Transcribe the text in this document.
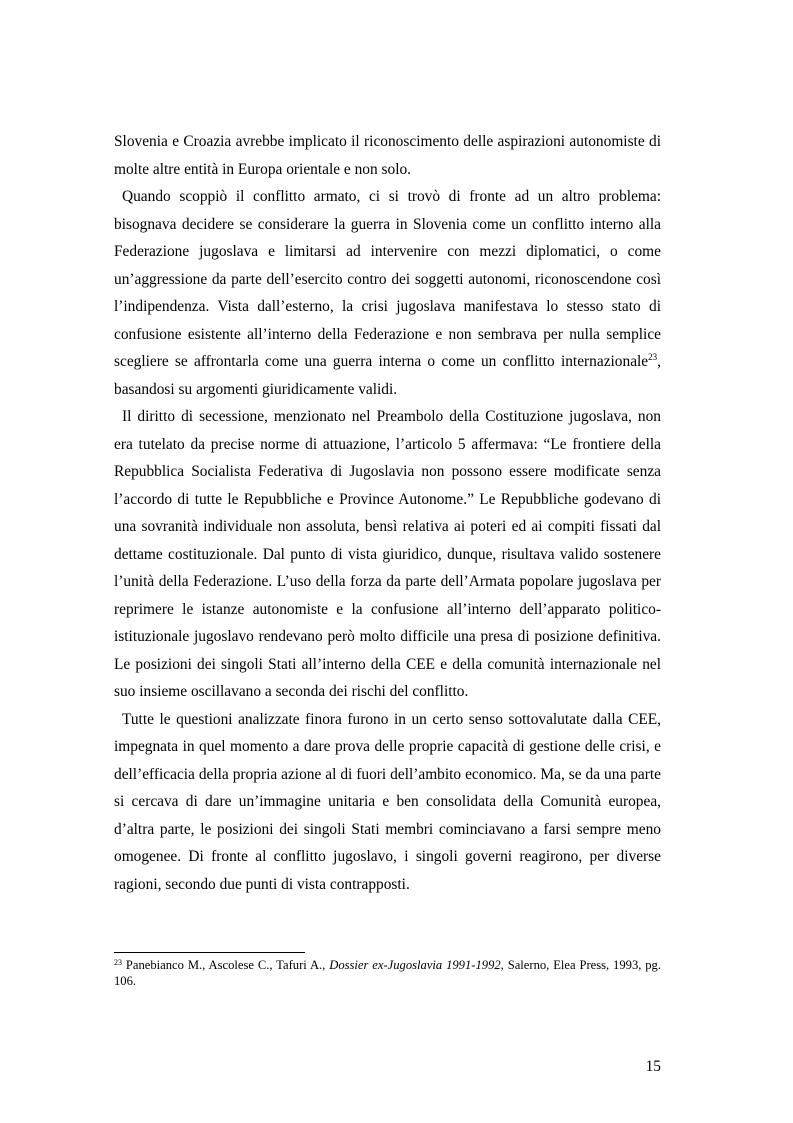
Slovenia e Croazia avrebbe implicato il riconoscimento delle aspirazioni autonomiste di molte altre entità in Europa orientale e non solo.

Quando scoppiò il conflitto armato, ci si trovò di fronte ad un altro problema: bisognava decidere se considerare la guerra in Slovenia come un conflitto interno alla Federazione jugoslava e limitarsi ad intervenire con mezzi diplomatici, o come un’aggressione da parte dell’esercito contro dei soggetti autonomi, riconoscendone così l’indipendenza. Vista dall’esterno, la crisi jugoslava manifestava lo stesso stato di confusione esistente all’interno della Federazione e non sembrava per nulla semplice scegliere se affrontarla come una guerra interna o come un conflitto internazionale$^{23}$, basandosi su argomenti giuridicamente validi.

Il diritto di secessione, menzionato nel Preambolo della Costituzione jugoslava, non era tutelato da precise norme di attuazione, l’articolo 5 affermava: “Le frontiere della Repubblica Socialista Federativa di Jugoslavia non possono essere modificate senza l’accordo di tutte le Repubbliche e Province Autonome.” Le Repubbliche godevano di una sovranità individuale non assoluta, bensì relativa ai poteri ed ai compiti fissati dal dettame costituzionale. Dal punto di vista giuridico, dunque, risultava valido sostenere l’unità della Federazione. L’uso della forza da parte dell’Armata popolare jugoslava per reprimere le istanze autonomiste e la confusione all’interno dell’apparato politico-istituzionale jugoslavo rendevano però molto difficile una presa di posizione definitiva. Le posizioni dei singoli Stati all’interno della CEE e della comunità internazionale nel suo insieme oscillavano a seconda dei rischi del conflitto.

Tutte le questioni analizzate finora furono in un certo senso sottovalutate dalla CEE, impegnata in quel momento a dare prova delle proprie capacità di gestione delle crisi, e dell’efficacia della propria azione al di fuori dell’ambito economico. Ma, se da una parte si cercava di dare un’immagine unitaria e ben consolidata della Comunità europea, d’altra parte, le posizioni dei singoli Stati membri cominciavano a farsi sempre meno omogenee. Di fronte al conflitto jugoslavo, i singoli governi reagirono, per diverse ragioni, secondo due punti di vista contrapposti.

$^{23}$ Panebianco M., Ascolese C., Tafuri A., Dossier ex-Jugoslavia 1991-1992, Salerno, Elea Press, 1993, pg. 106.
15
